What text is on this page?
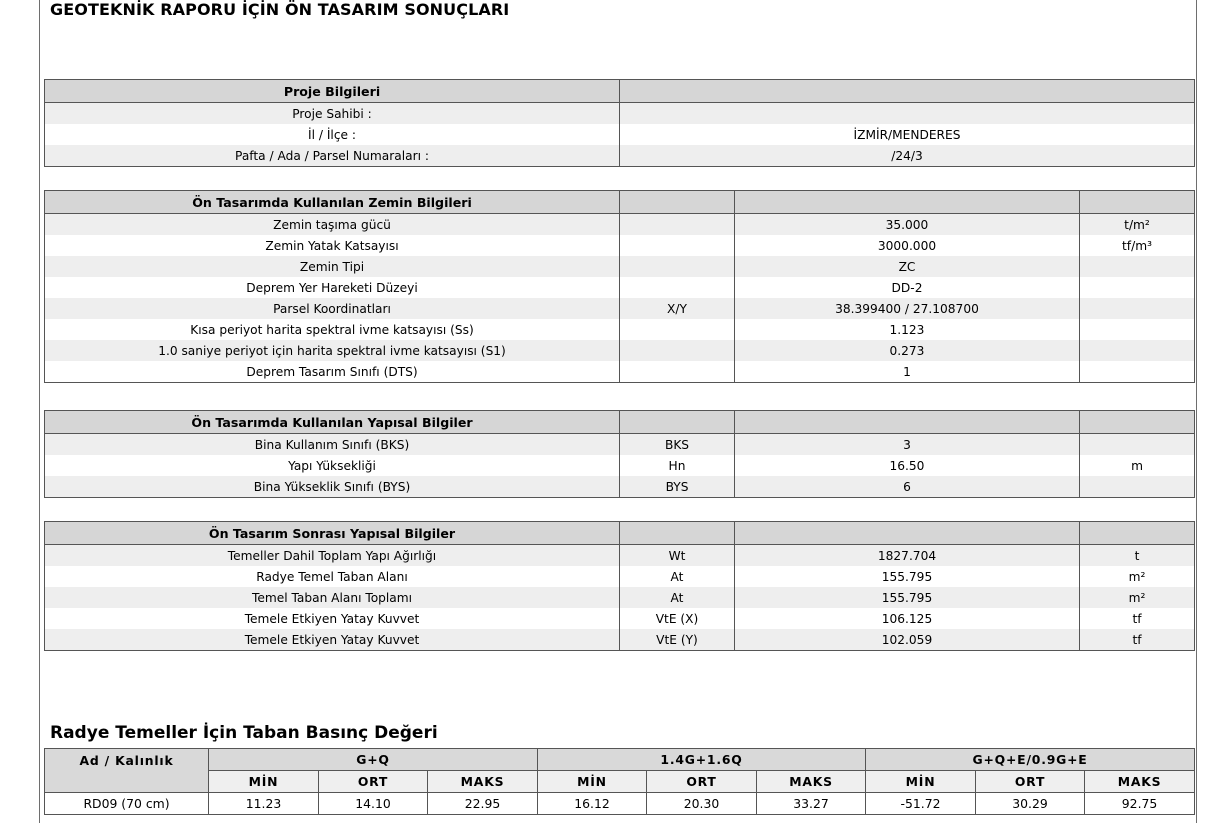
GEOTEKNİK RAPORU İÇİN ÖN TASARIM SONUÇLARI
Proje Bilgileri	
Proje Sahibi :	
İl / İlçe :	İZMİR/MENDERES
Pafta / Ada / Parsel Numaraları :	/24/3
Ön Tasarımda Kullanılan Zemin Bilgileri			
Zemin taşıma gücü		35.000	t/m²
Zemin Yatak Katsayısı		3000.000	tf/m³
Zemin Tipi		ZC	
Deprem Yer Hareketi Düzeyi		DD-2	
Parsel Koordinatları	X/Y	38.399400 / 27.108700	
Kısa periyot harita spektral ivme katsayısı (Ss)		1.123	
1.0 saniye periyot için harita spektral ivme katsayısı (S1)		0.273	
Deprem Tasarım Sınıfı (DTS)		1	
Ön Tasarımda Kullanılan Yapısal Bilgiler			
Bina Kullanım Sınıfı (BKS)	BKS	3	
Yapı Yüksekliği	Hn	16.50	m
Bina Yükseklik Sınıfı (BYS)	BYS	6	
Ön Tasarım Sonrası Yapısal Bilgiler			
Temeller Dahil Toplam Yapı Ağırlığı	Wt	1827.704	t
Radye Temel Taban Alanı	At	155.795	m²
Temel Taban Alanı Toplamı	At	155.795	m²
Temele Etkiyen Yatay Kuvvet	VtE (X)	106.125	tf
Temele Etkiyen Yatay Kuvvet	VtE (Y)	102.059	tf
Radye Temeller İçin Taban Basınç Değeri
Ad / Kalınlık	G+Q			1.4G+1.6Q			G+Q+E/0.9G+E		
	MİN	ORT	MAKS	MİN	ORT	MAKS	MİN	ORT	MAKS
RD09 (70 cm)	11.23	14.10	22.95	16.12	20.30	33.27	-51.72	30.29	92.75
